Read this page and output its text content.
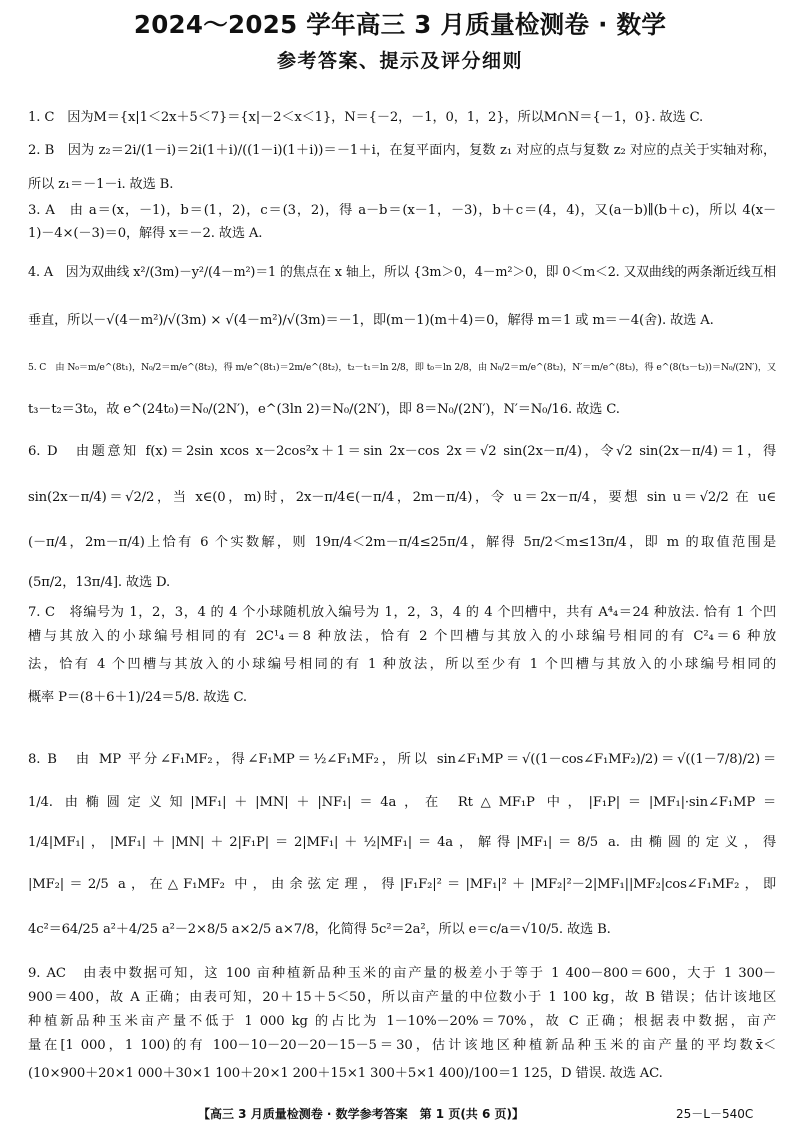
2024～2025 学年高三 3 月质量检测卷 · 数学
参考答案、提示及评分细则
1. C　因为M＝{x|1＜2x＋5＜7}＝{x|－2＜x＜1}，N＝{－2，－1，0，1，2}，所以M∩N＝{－1，0}. 故选 C.
2. B　因为 z₂＝2i/(1－i)＝2i(1＋i)/((1－i)(1＋i))＝－1＋i，在复平面内，复数 z₁ 对应的点与复数 z₂ 对应的点关于实轴对称，
所以 z₁＝－1－i. 故选 B.
3. A　由 a＝(x，－1)，b＝(1，2)，c＝(3，2)，得 a－b＝(x－1，－3)，b＋c＝(4，4)，又(a－b)∥(b＋c)，所以 4(x－
1)－4×(－3)＝0，解得 x＝－2. 故选 A.
4. A　因为双曲线 x²/(3m)－y²/(4－m²)＝1 的焦点在 x 轴上，所以 {3m＞0，4－m²＞0，即 0＜m＜2. 又双曲线的两条渐近线互相
垂直，所以－√(4－m²)/√(3m) × √(4－m²)/√(3m)＝－1，即(m－1)(m＋4)＝0，解得 m＝1 或 m＝－4(舍). 故选 A.
5. C　由 N₀＝m/e^(8t₁)，N₀/2＝m/e^(8t₂)，得 m/e^(8t₁)＝2m/e^(8t₂)，t₂－t₁＝ln 2/8，即 t₀＝ln 2/8，由 N₀/2＝m/e^(8t₂)，N′＝m/e^(8t₃)，得 e^(8(t₃－t₂))＝N₀/(2N′)，又
t₃－t₂＝3t₀，故 e^(24t₀)＝N₀/(2N′)，e^(3ln 2)＝N₀/(2N′)，即 8＝N₀/(2N′)，N′＝N₀/16. 故选 C.
6. D　由题意知 f(x)＝2sin xcos x－2cos²x＋1＝sin 2x－cos 2x＝√2 sin(2x－π/4)，令√2 sin(2x－π/4)＝1，得
sin(2x－π/4)＝√2/2，当 x∈(0，m)时，2x－π/4∈(－π/4，2m－π/4)，令 u＝2x－π/4，要想 sin u＝√2/2 在 u∈
(－π/4，2m－π/4)上恰有 6 个实数解，则 19π/4＜2m－π/4≤25π/4，解得 5π/2＜m≤13π/4，即 m 的取值范围是
(5π/2，13π/4]. 故选 D.
7. C　将编号为 1，2，3，4 的 4 个小球随机放入编号为 1，2，3，4 的 4 个凹槽中，共有 A⁴₄＝24 种放法. 恰有 1 个凹
槽与其放入的小球编号相同的有 2C¹₄＝8 种放法，恰有 2 个凹槽与其放入的小球编号相同的有 C²₄＝6 种放
法，恰有 4 个凹槽与其放入的小球编号相同的有 1 种放法，所以至少有 1 个凹槽与其放入的小球编号相同的
概率 P＝(8＋6＋1)/24＝5/8. 故选 C.
8. B　由 MP 平分∠F₁MF₂，得∠F₁MP＝½∠F₁MF₂，所以 sin∠F₁MP＝√((1－cos∠F₁MF₂)/2)＝√((1－7/8)/2)＝
1/4. 由椭圆定义知|MF₁|＋|MN|＋|NF₁|＝4a，在 Rt△MF₁P 中，|F₁P|＝|MF₁|·sin∠F₁MP＝
1/4|MF₁|，|MF₁|＋|MN|＋2|F₁P|＝2|MF₁|＋½|MF₁|＝4a，解得|MF₁|＝8/5 a. 由椭圆的定义，得
|MF₂|＝2/5 a，在△F₁MF₂ 中，由余弦定理，得|F₁F₂|²＝|MF₁|²＋|MF₂|²－2|MF₁||MF₂|cos∠F₁MF₂，即
4c²＝64/25 a²＋4/25 a²－2×8/5 a×2/5 a×7/8，化简得 5c²＝2a²，所以 e＝c/a＝√10/5. 故选 B.
9. AC　由表中数据可知，这 100 亩种植新品种玉米的亩产量的极差小于等于 1 400－800＝600，大于 1 300－
900＝400，故 A 正确；由表可知，20＋15＋5＜50，所以亩产量的中位数小于 1 100 kg，故 B 错误；估计该地区
种植新品种玉米亩产量不低于 1 000 kg 的占比为 1－10%－20%＝70%，故 C 正确；根据表中数据，亩产
量在[1 000，1 100)的有 100－10－20－20－15－5＝30，估计该地区种植新品种玉米的亩产量的平均数x̄＜
(10×900＋20×1 000＋30×1 100＋20×1 200＋15×1 300＋5×1 400)/100＝1 125，D 错误. 故选 AC.
【高三 3 月质量检测卷 · 数学参考答案　第 1 页(共 6 页)】	25－L－540C
